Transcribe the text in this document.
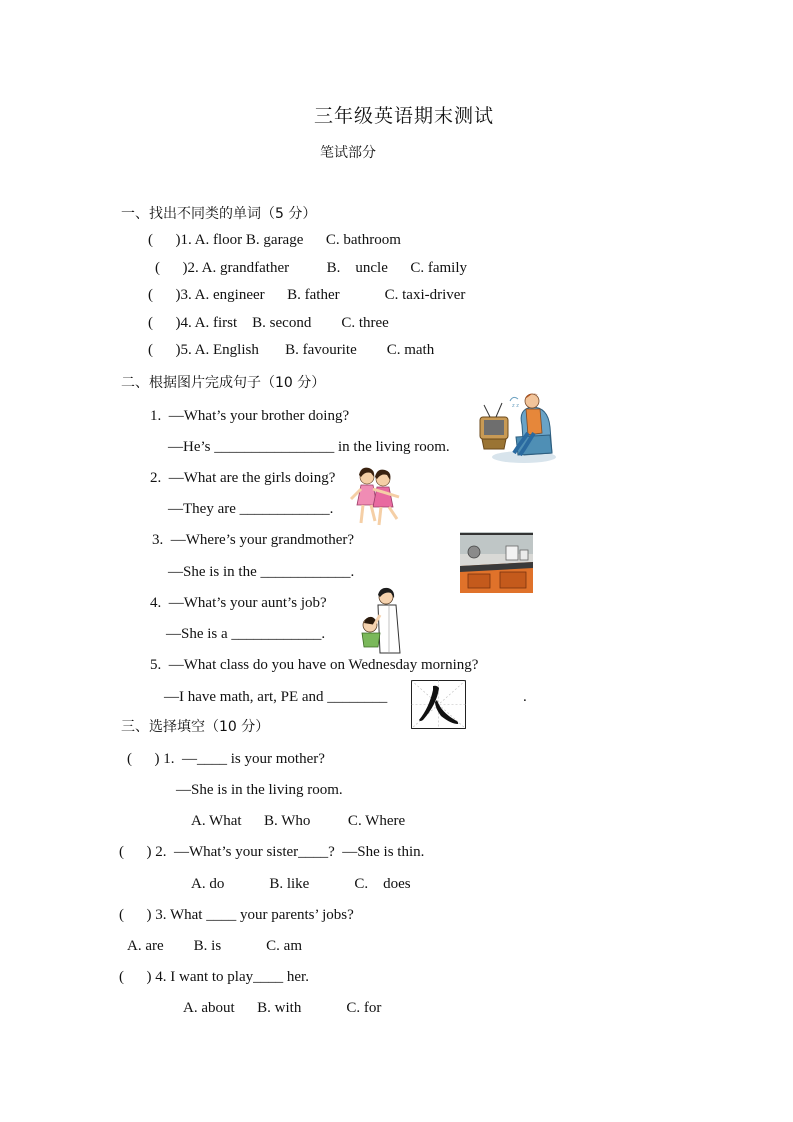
三年级英语期末测试
笔试部分
一、找出不同类的单词（5 分）
(      )1. A. floor B. garage      C. bathroom
(      )2. A. grandfather          B.    uncle      C. family
(      )3. A. engineer      B. father            C. taxi-driver
(      )4. A. first    B. second        C. three
(      )5. A. English       B. favourite        C. math
二、根据图片完成句子（10 分）
1.  —What’s your brother doing?
—He’s ________________ in the living room.
2.  —What are the girls doing?
—They are ____________.
3.  —Where’s your grandmother?
—She is in the ____________.
4.  —What’s your aunt’s job?
—She is a ____________.
5.  —What class do you have on Wednesday morning?
—I have math, art, PE and ________	.
三、选择填空（10 分）
(      ) 1.  —____ is your mother?
—She is in the living room.
A. What      B. Who          C. Where
(      ) 2.  —What’s your sister____?  —She is thin.
A. do            B. like            C.    does
(      ) 3. What ____ your parents’ jobs?
A. are        B. is            C. am
(      ) 4. I want to play____ her.
A. about      B. with            C. for
z z
